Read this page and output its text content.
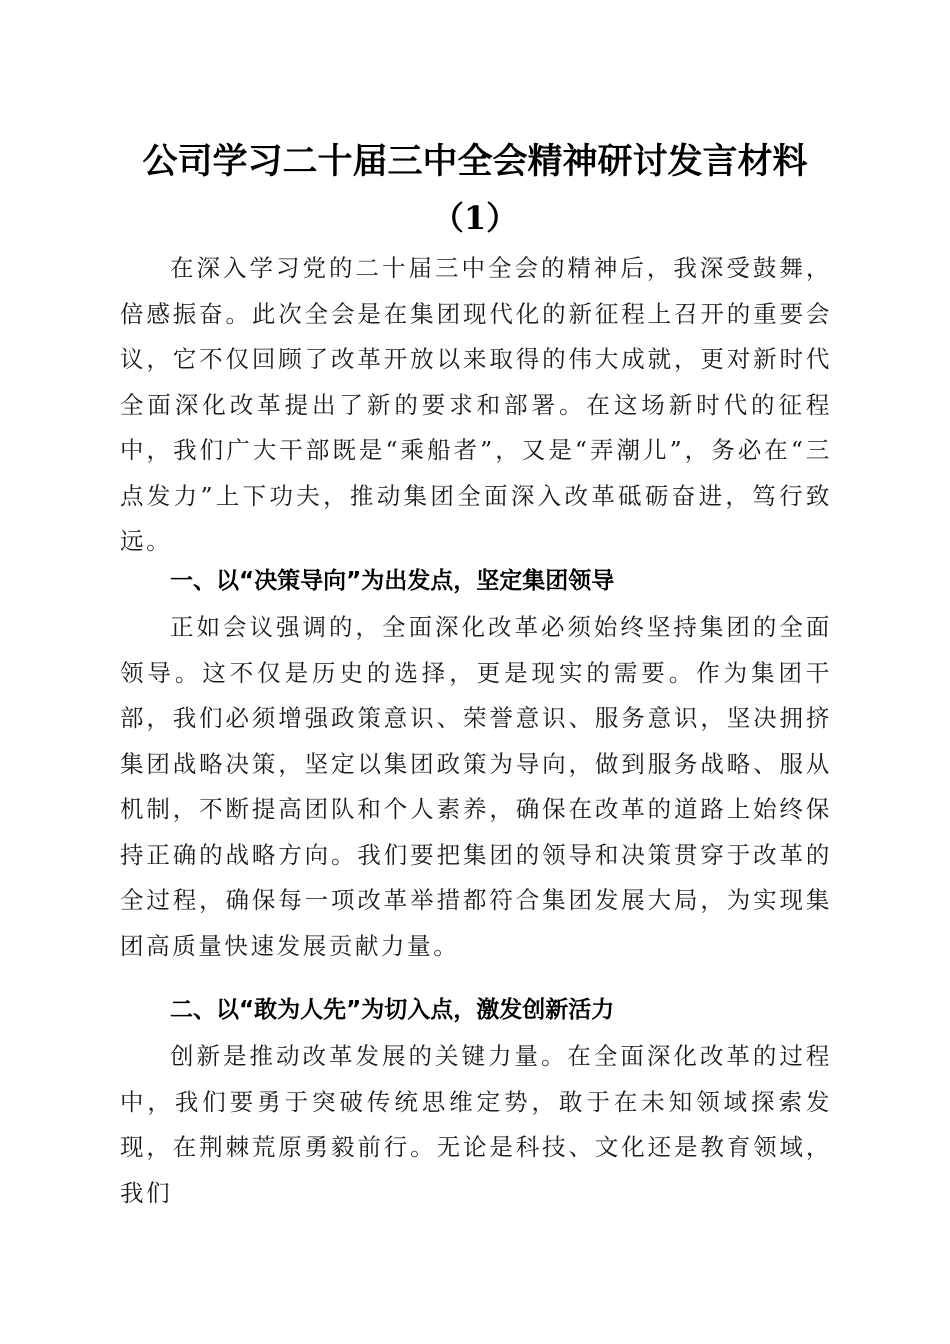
公司学习二十届三中全会精神研讨发言材料
（1）
在深入学习党的二十届三中全会的精神后，我深受鼓舞，倍感振奋。此次全会是在集团现代化的新征程上召开的重要会议，它不仅回顾了改革开放以来取得的伟大成就，更对新时代全面深化改革提出了新的要求和部署。在这场新时代的征程中，我们广大干部既是“乘船者”，又是“弄潮儿”，务必在“三点发力”上下功夫，推动集团全面深入改革砥砺奋进，笃行致远。
一、以“决策导向”为出发点，坚定集团领导
正如会议强调的，全面深化改革必须始终坚持集团的全面领导。这不仅是历史的选择，更是现实的需要。作为集团干部，我们必须增强政策意识、荣誉意识、服务意识，坚决拥挤集团战略决策，坚定以集团政策为导向，做到服务战略、服从机制，不断提高团队和个人素养，确保在改革的道路上始终保持正确的战略方向。我们要把集团的领导和决策贯穿于改革的全过程，确保每一项改革举措都符合集团发展大局，为实现集团高质量快速发展贡献力量。
二、以“敢为人先”为切入点，激发创新活力
创新是推动改革发展的关键力量。在全面深化改革的过程中，我们要勇于突破传统思维定势，敢于在未知领域探索发现，在荆棘荒原勇毅前行。无论是科技、文化还是教育领域，我们
